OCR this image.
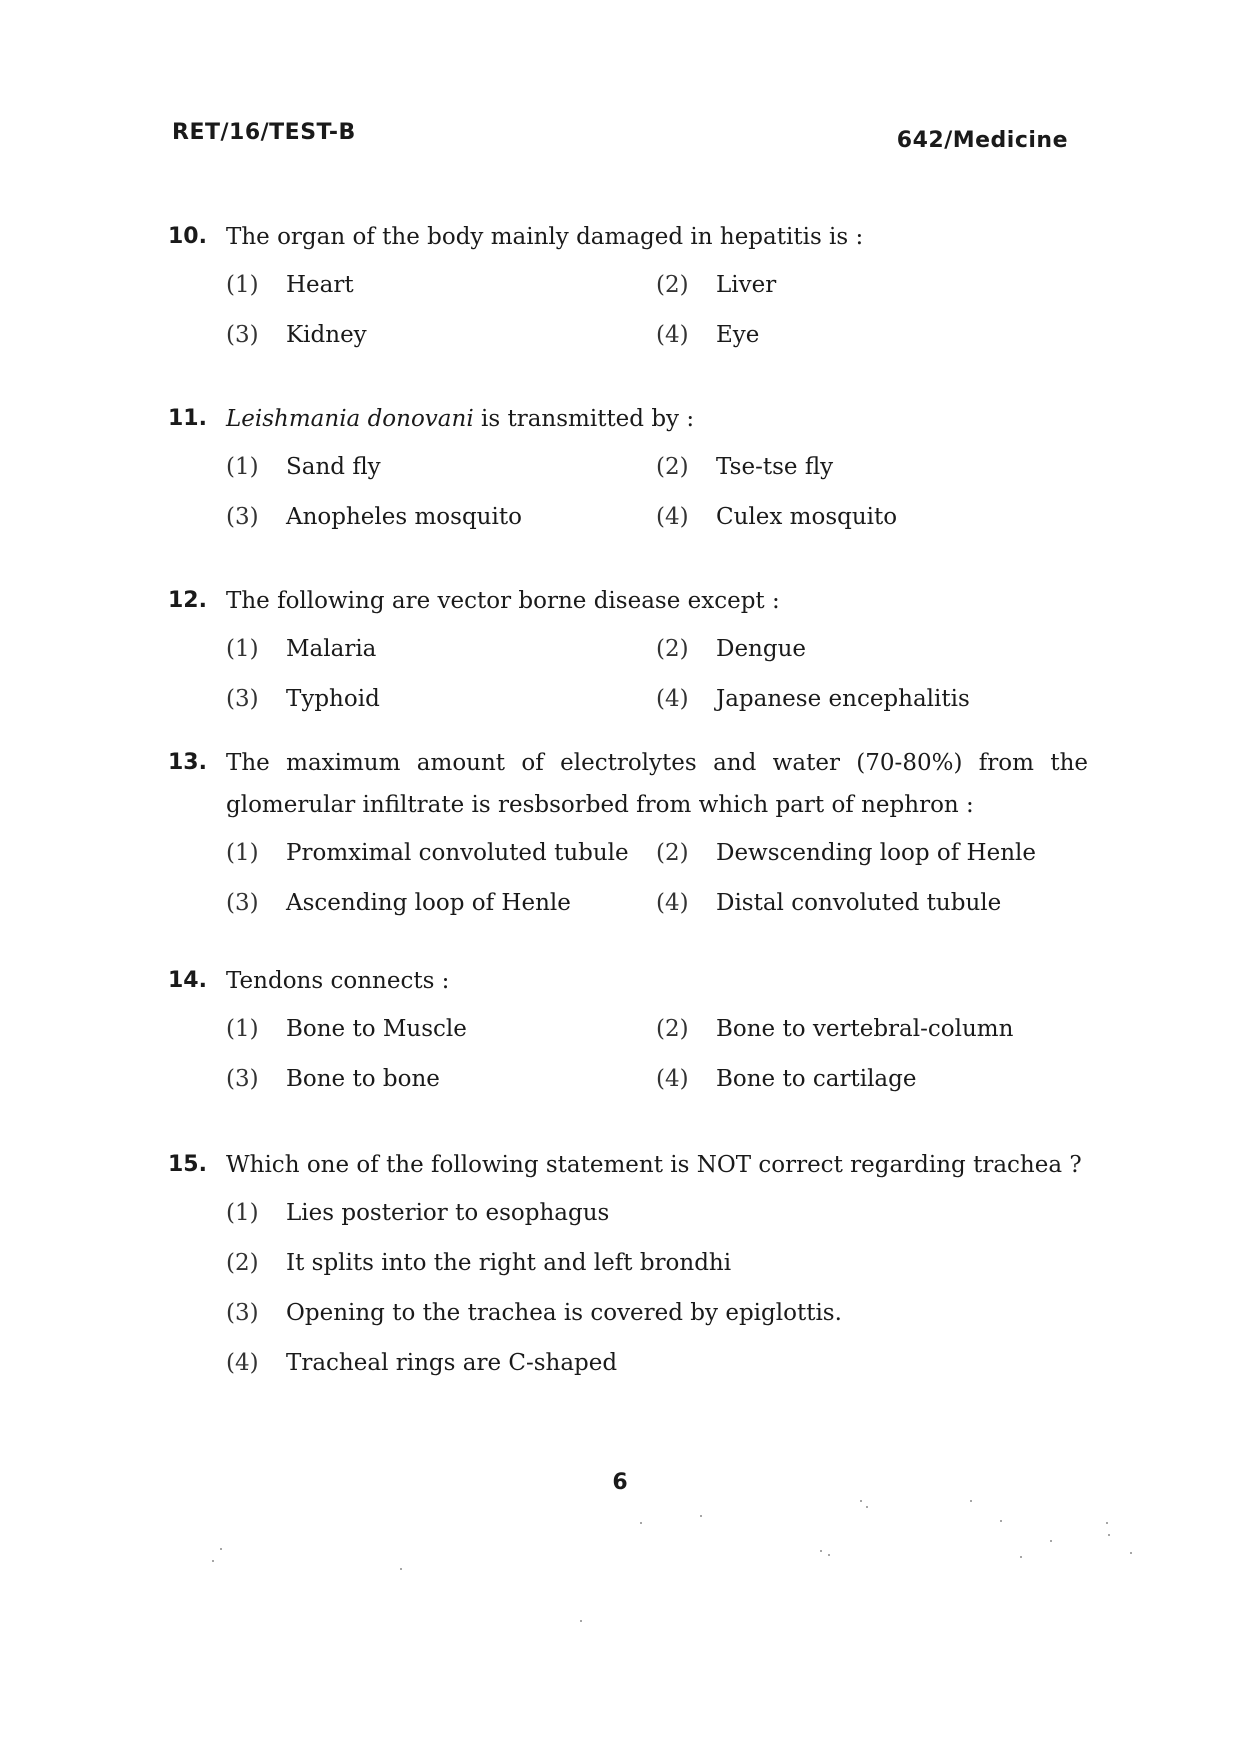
RET/16/TEST-B	642/Medicine
10. The organ of the body mainly damaged in hepatitis is :
(1)	Heart	(2)	Liver
(3)	Kidney	(4)	Eye
11. Leishmania donovani is transmitted by :
(1)	Sand fly	(2)	Tse-tse fly
(3)	Anopheles mosquito	(4)	Culex mosquito
12. The following are vector borne disease except :
(1)	Malaria	(2)	Dengue
(3)	Typhoid	(4)	Japanese encephalitis
13. The maximum amount of electrolytes and water (70-80%) from the glomerular infiltrate is resbsorbed from which part of nephron :
(1)	Promximal convoluted tubule	(2)	Dewscending loop of Henle
(3)	Ascending loop of Henle	(4)	Distal convoluted tubule
14. Tendons connects :
(1)	Bone to Muscle	(2)	Bone to vertebral-column
(3)	Bone to bone	(4)	Bone to cartilage
15. Which one of the following statement is NOT correct regarding trachea ?
(1)	Lies posterior to esophagus
(2)	It splits into the right and left brondhi
(3)	Opening to the trachea is covered by epiglottis.
(4)	Tracheal rings are C-shaped
6
